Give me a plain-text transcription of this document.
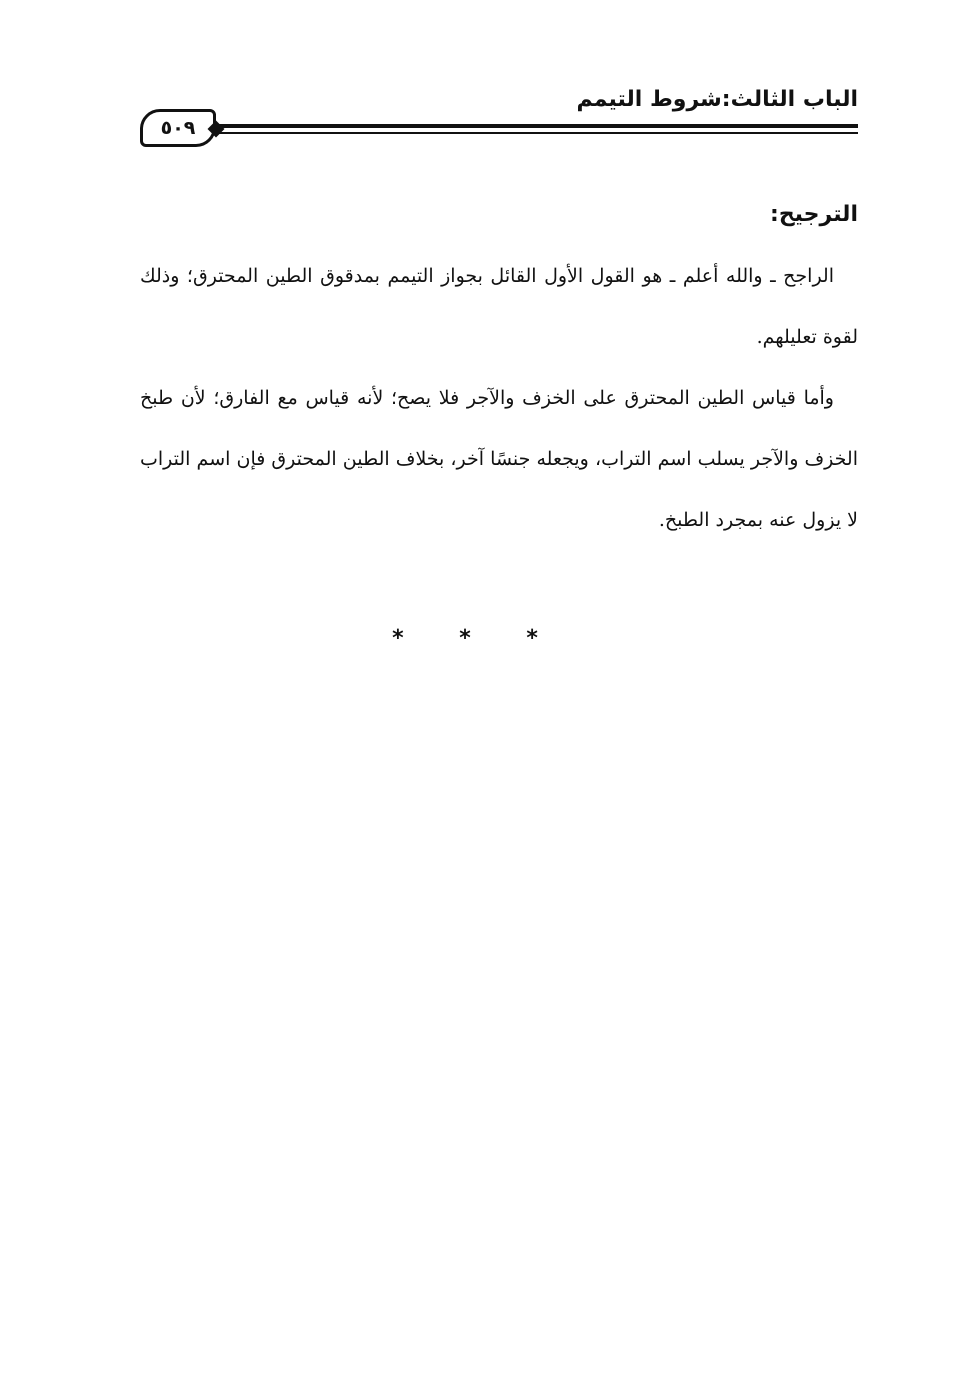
الباب الثالث:شروط التيمم
٥٠٩
الترجيح:

الراجح ـ والله أعلم ـ هو القول الأول القائل بجواز التيمم بمدقوق الطين المحترق؛ وذلك لقوة تعليلهم.

وأما قياس الطين المحترق على الخزف والآجر فلا يصح؛ لأنه قياس مع الفارق؛ لأن طبخ الخزف والآجر يسلب اسم التراب، ويجعله جنسًا آخر، بخلاف الطين المحترق فإن اسم التراب لا يزول عنه بمجرد الطبخ.

* * *
